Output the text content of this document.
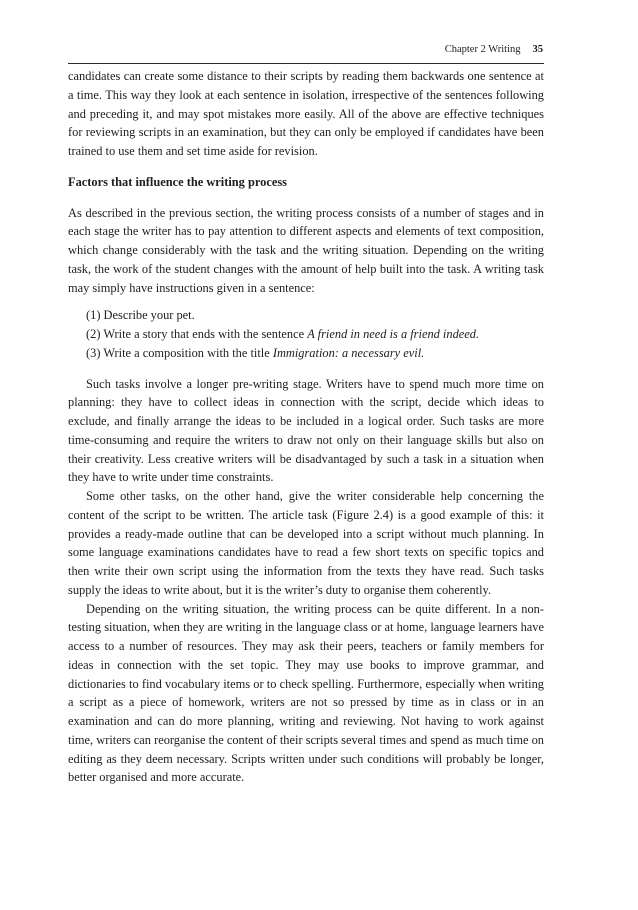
Chapter 2 Writing 35

candidates can create some distance to their scripts by reading them backwards one sentence at a time. This way they look at each sentence in isolation, irrespective of the sentences following and preceding it, and may spot mistakes more easily. All of the above are effective techniques for reviewing scripts in an examination, but they can only be employed if candidates have been trained to use them and set time aside for revision.

Factors that influence the writing process

As described in the previous section, the writing process consists of a number of stages and in each stage the writer has to pay attention to different aspects and elements of text composition, which change considerably with the task and the writing situation. Depending on the writing task, the work of the student changes with the amount of help built into the task. A writing task may simply have instructions given in a sentence:

(1) Describe your pet.

(2) Write a story that ends with the sentence A friend in need is a friend indeed.

(3) Write a composition with the title Immigration: a necessary evil.

Such tasks involve a longer pre-writing stage. Writers have to spend much more time on planning: they have to collect ideas in connection with the script, decide which ideas to exclude, and finally arrange the ideas to be included in a logical order. Such tasks are more time-consuming and require the writers to draw not only on their language skills but also on their creativity. Less creative writers will be disadvantaged by such a task in a situation when they have to write under time constraints.

Some other tasks, on the other hand, give the writer considerable help concerning the content of the script to be written. The article task (Figure 2.4) is a good example of this: it provides a ready-made outline that can be developed into a script without much planning. In some language examinations candidates have to read a few short texts on specific topics and then write their own script using the information from the texts they have read. Such tasks supply the ideas to write about, but it is the writer’s duty to organise them coherently.

Depending on the writing situation, the writing process can be quite different. In a non-testing situation, when they are writing in the language class or at home, language learners have access to a number of resources. They may ask their peers, teachers or family members for ideas in connection with the set topic. They may use books to improve grammar, and dictionaries to find vocabulary items or to check spelling. Furthermore, especially when writing a script as a piece of homework, writers are not so pressed by time as in class or in an examination and can do more planning, writing and reviewing. Not having to work against time, writers can reorganise the content of their scripts several times and spend as much time on editing as they deem necessary. Scripts written under such conditions will probably be longer, better organised and more accurate.
